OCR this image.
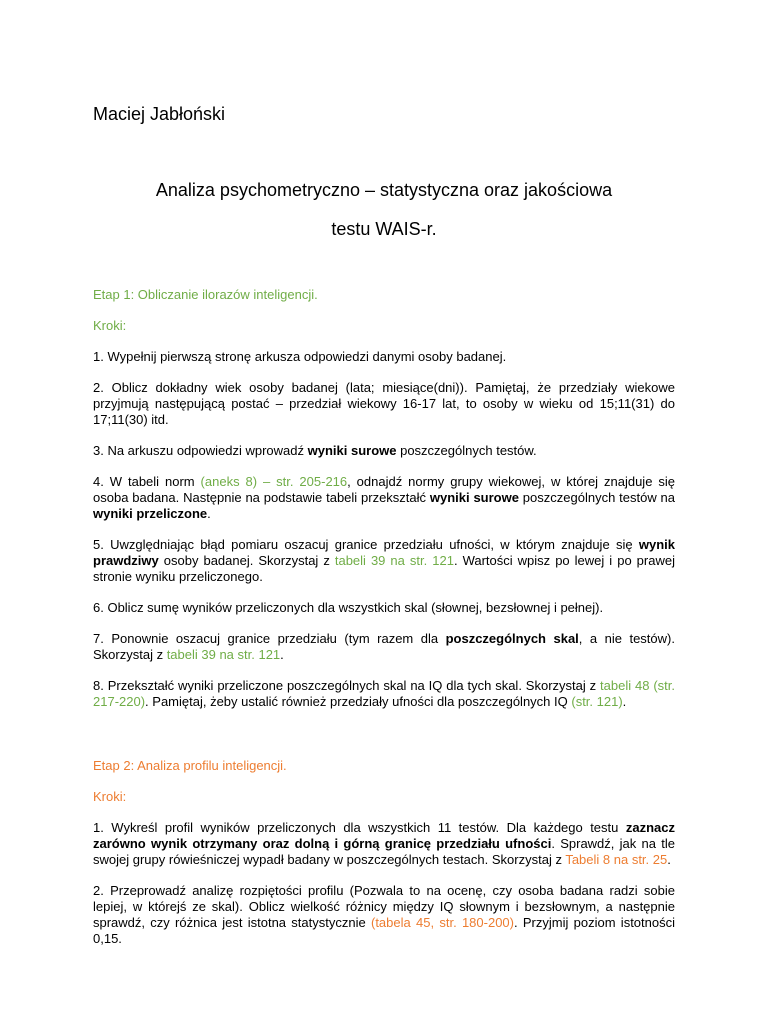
Maciej Jabłoński

Analiza psychometryczno – statystyczna oraz jakościowa

testu WAIS-r.

Etap 1: Obliczanie ilorazów inteligencji.

Kroki:

1. Wypełnij pierwszą stronę arkusza odpowiedzi danymi osoby badanej.

2. Oblicz dokładny wiek osoby badanej (lata; miesiące(dni)). Pamiętaj, że przedziały wiekowe przyjmują następującą postać – przedział wiekowy 16-17 lat, to osoby w wieku od 15;11(31) do 17;11(30) itd.

3. Na arkuszu odpowiedzi wprowadź wyniki surowe poszczególnych testów.

4. W tabeli norm (aneks 8) – str. 205-216, odnajdź normy grupy wiekowej, w której znajduje się osoba badana. Następnie na podstawie tabeli przekształć wyniki surowe poszczególnych testów na wyniki przeliczone.

5. Uwzględniając błąd pomiaru oszacuj granice przedziału ufności, w którym znajduje się wynik prawdziwy osoby badanej. Skorzystaj z tabeli 39 na str. 121. Wartości wpisz po lewej i po prawej stronie wyniku przeliczonego.

6. Oblicz sumę wyników przeliczonych dla wszystkich skal (słownej, bezsłownej i pełnej).

7. Ponownie oszacuj granice przedziału (tym razem dla poszczególnych skal, a nie testów). Skorzystaj z tabeli 39 na str. 121.

8. Przekształć wyniki przeliczone poszczególnych skal na IQ dla tych skal. Skorzystaj z tabeli 48 (str. 217-220). Pamiętaj, żeby ustalić również przedziały ufności dla poszczególnych IQ (str. 121).

Etap 2: Analiza profilu inteligencji.

Kroki:

1. Wykreśl profil wyników przeliczonych dla wszystkich 11 testów. Dla każdego testu zaznacz zarówno wynik otrzymany oraz dolną i górną granicę przedziału ufności. Sprawdź, jak na tle swojej grupy rówieśniczej wypadł badany w poszczególnych testach. Skorzystaj z Tabeli 8 na str. 25.

2. Przeprowadź analizę rozpiętości profilu (Pozwala to na ocenę, czy osoba badana radzi sobie lepiej, w którejś ze skal). Oblicz wielkość różnicy między IQ słownym i bezsłownym, a następnie sprawdź, czy różnica jest istotna statystycznie (tabela 45, str. 180-200). Przyjmij poziom istotności 0,15.
